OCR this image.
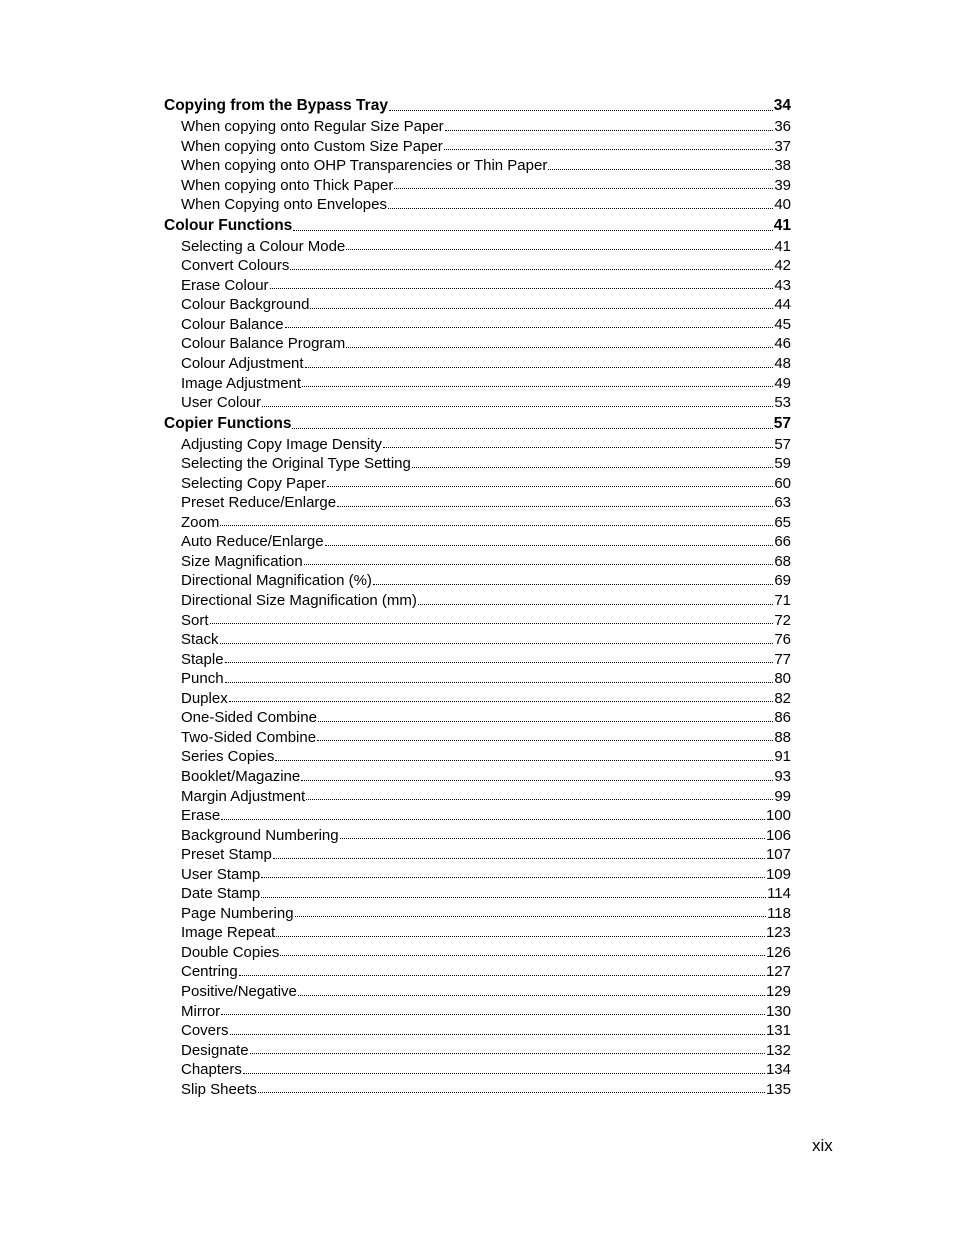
Copying from the Bypass Tray	34
When copying onto Regular Size Paper	36
When copying onto Custom Size Paper	37
When copying onto OHP Transparencies or Thin Paper	38
When copying onto Thick Paper	39
When Copying onto Envelopes	40
Colour Functions	41
Selecting a Colour Mode	41
Convert Colours	42
Erase Colour	43
Colour Background	44
Colour Balance	45
Colour Balance Program	46
Colour Adjustment	48
Image Adjustment	49
User Colour	53
Copier Functions	57
Adjusting Copy Image Density	57
Selecting the Original Type Setting	59
Selecting Copy Paper	60
Preset Reduce/Enlarge	63
Zoom	65
Auto Reduce/Enlarge	66
Size Magnification	68
Directional Magnification (%)	69
Directional Size Magnification (mm)	71
Sort	72
Stack	76
Staple	77
Punch	80
Duplex	82
One-Sided Combine	86
Two-Sided Combine	88
Series Copies	91
Booklet/Magazine	93
Margin Adjustment	99
Erase	100
Background Numbering	106
Preset Stamp	107
User Stamp	109
Date Stamp	114
Page Numbering	118
Image Repeat	123
Double Copies	126
Centring	127
Positive/Negative	129
Mirror	130
Covers	131
Designate	132
Chapters	134
Slip Sheets	135
xix
